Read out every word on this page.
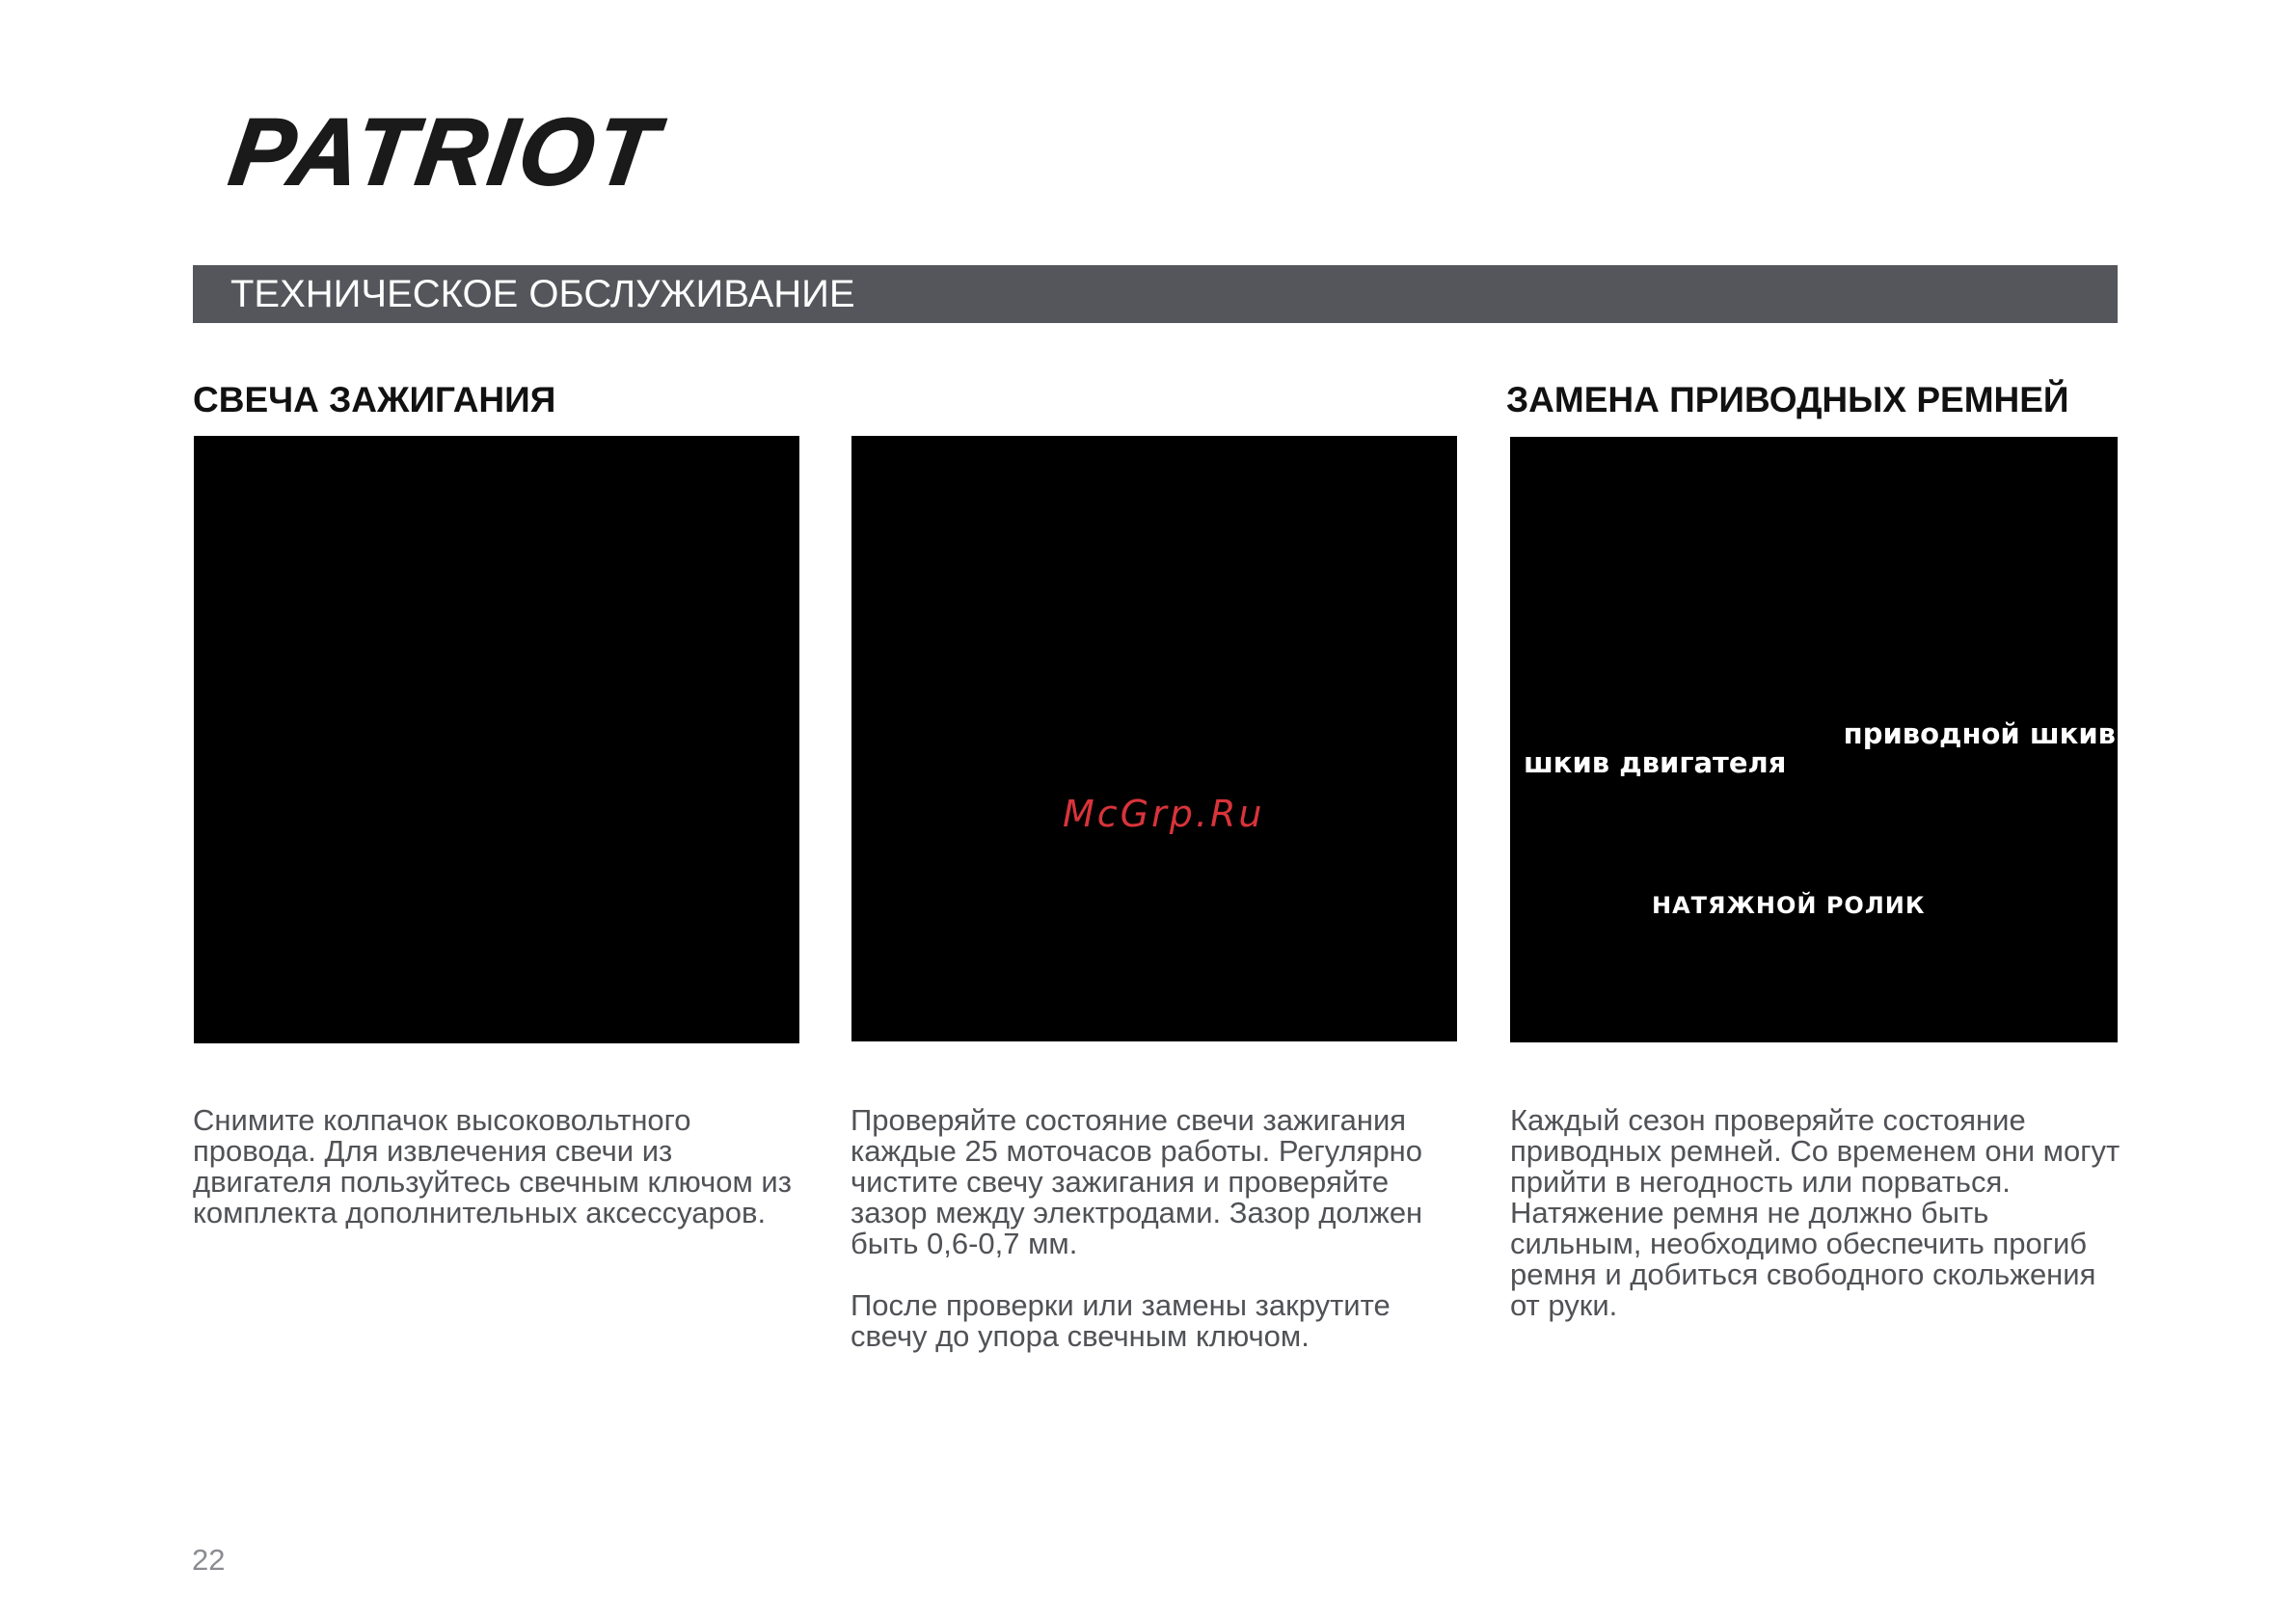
PATRIOT
ТЕХНИЧЕСКОЕ ОБСЛУЖИВАНИЕ
СВЕЧА ЗАЖИГАНИЯ	ЗАМЕНА ПРИВОДНЫХ РЕМНЕЙ
шкив двигателя
приводной шкив
НАТЯЖНОЙ РОЛИК
McGrp.Ru

Снимите колпачок высоковольтного провода. Для извлечения свечи из двигателя пользуйтесь свечным ключом из комплекта дополнительных аксессуаров.

Проверяйте состояние свечи зажигания каждые 25 моточасов работы. Регулярно чистите свечу зажигания и проверяйте зазор между электродами. Зазор должен быть 0,6-0,7 мм.

После проверки или замены закрутите свечу до упора свечным ключом.

Каждый сезон проверяйте состояние приводных ремней. Со временем они могут прийти в негодность или порваться. Натяжение ремня не должно быть сильным, необходимо обеспечить прогиб ремня и добиться свободного скольжения от руки.

22
